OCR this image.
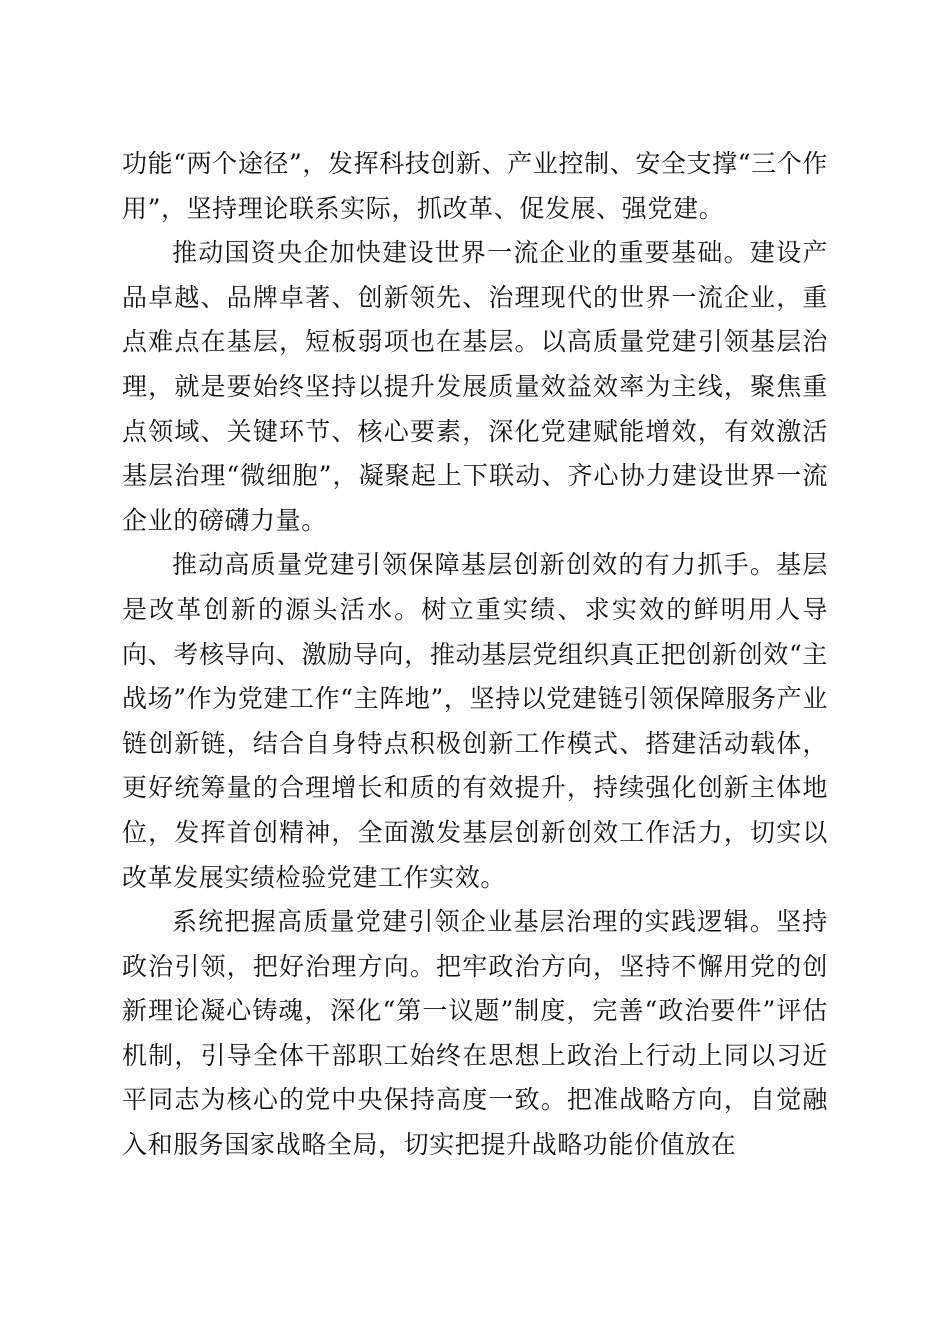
功能“两个途径”，发挥科技创新、产业控制、安全支撑“三个作用”，坚持理论联系实际，抓改革、促发展、强党建。

推动国资央企加快建设世界一流企业的重要基础。建设产品卓越、品牌卓著、创新领先、治理现代的世界一流企业，重点难点在基层，短板弱项也在基层。以高质量党建引领基层治理，就是要始终坚持以提升发展质量效益效率为主线，聚焦重点领域、关键环节、核心要素，深化党建赋能增效，有效激活基层治理“微细胞”，凝聚起上下联动、齐心协力建设世界一流企业的磅礴力量。

推动高质量党建引领保障基层创新创效的有力抓手。基层是改革创新的源头活水。树立重实绩、求实效的鲜明用人导向、考核导向、激励导向，推动基层党组织真正把创新创效“主战场”作为党建工作“主阵地”，坚持以党建链引领保障服务产业链创新链，结合自身特点积极创新工作模式、搭建活动载体，更好统筹量的合理增长和质的有效提升，持续强化创新主体地位，发挥首创精神，全面激发基层创新创效工作活力，切实以改革发展实绩检验党建工作实效。

系统把握高质量党建引领企业基层治理的实践逻辑。坚持政治引领，把好治理方向。把牢政治方向，坚持不懈用党的创新理论凝心铸魂，深化“第一议题”制度，完善“政治要件”评估机制，引导全体干部职工始终在思想上政治上行动上同以习近平同志为核心的党中央保持高度一致。把准战略方向，自觉融入和服务国家战略全局，切实把提升战略功能价值放在
